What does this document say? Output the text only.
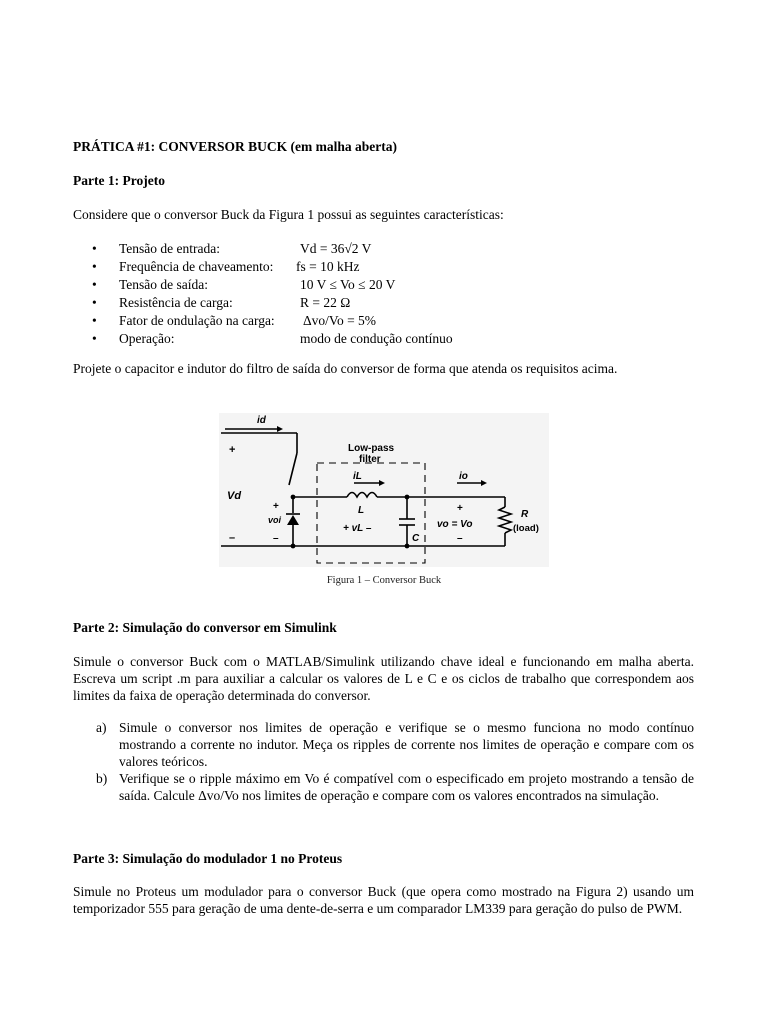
PRÁTICA #1: CONVERSOR BUCK (em malha aberta)

Parte 1: Projeto

Considere que o conversor Buck da Figura 1 possui as seguintes características:

•	Tensão de entrada:	Vd = 36√2 V
•	Frequência de chaveamento: fs = 10 kHz
•	Tensão de saída:	10 V ≤ Vo ≤ 20 V
•	Resistência de carga:	R = 22 Ω
•	Fator de ondulação na carga: Δvo/Vo = 5%
•	Operação:	modo de condução contínuo

Projete o capacitor e indutor do filtro de saída do conversor de forma que atenda os requisitos acima.

id
+
Vd
–
+
voi
–
Low-pass
filter
iL
L
+ vL –
C
io
+
vo = Vo
–
R
(load)
Figura 1 – Conversor Buck

Parte 2: Simulação do conversor em Simulink

Simule o conversor Buck com o MATLAB/Simulink utilizando chave ideal e funcionando em malha aberta. Escreva um script .m para auxiliar a calcular os valores de L e C e os ciclos de trabalho que correspondem aos limites da faixa de operação determinada do conversor.

a) Simule o conversor nos limites de operação e verifique se o mesmo funciona no modo contínuo mostrando a corrente no indutor. Meça os ripples de corrente nos limites de operação e compare com os valores teóricos.
b) Verifique se o ripple máximo em Vo é compatível com o especificado em projeto mostrando a tensão de saída. Calcule Δvo/Vo nos limites de operação e compare com os valores encontrados na simulação.

Parte 3: Simulação do modulador 1 no Proteus

Simule no Proteus um modulador para o conversor Buck (que opera como mostrado na Figura 2) usando um temporizador 555 para geração de uma dente-de-serra e um comparador LM339 para geração do pulso de PWM.
